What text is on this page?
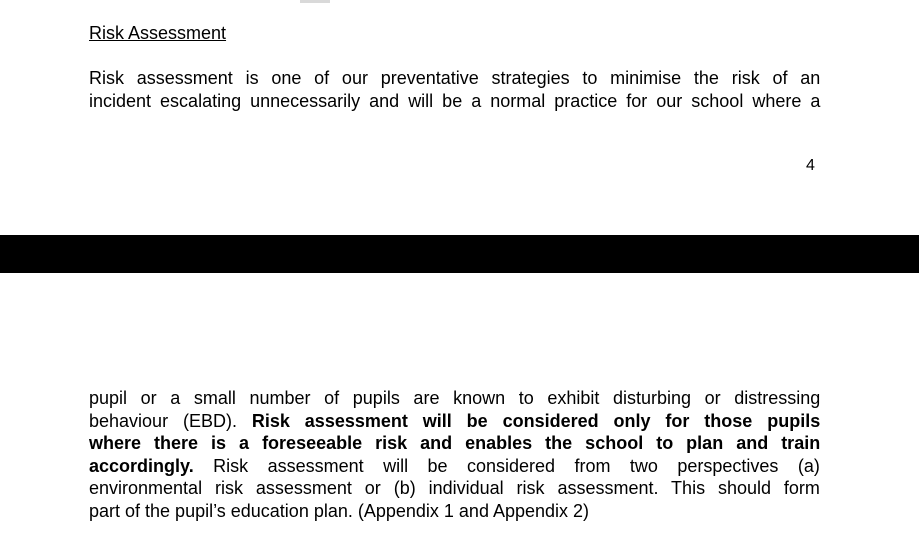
Risk Assessment
Risk assessment is one of our preventative strategies to minimise the risk of an
incident escalating unnecessarily and will be a normal practice for our school where a
4
pupil or a small number of pupils are known to exhibit disturbing or distressing
behaviour (EBD). Risk assessment will be considered only for those pupils
where there is a foreseeable risk and enables the school to plan and train
accordingly. Risk assessment will be considered from two perspectives (a)
environmental risk assessment or (b) individual risk assessment. This should form
part of the pupil’s education plan. (Appendix 1 and Appendix 2)
